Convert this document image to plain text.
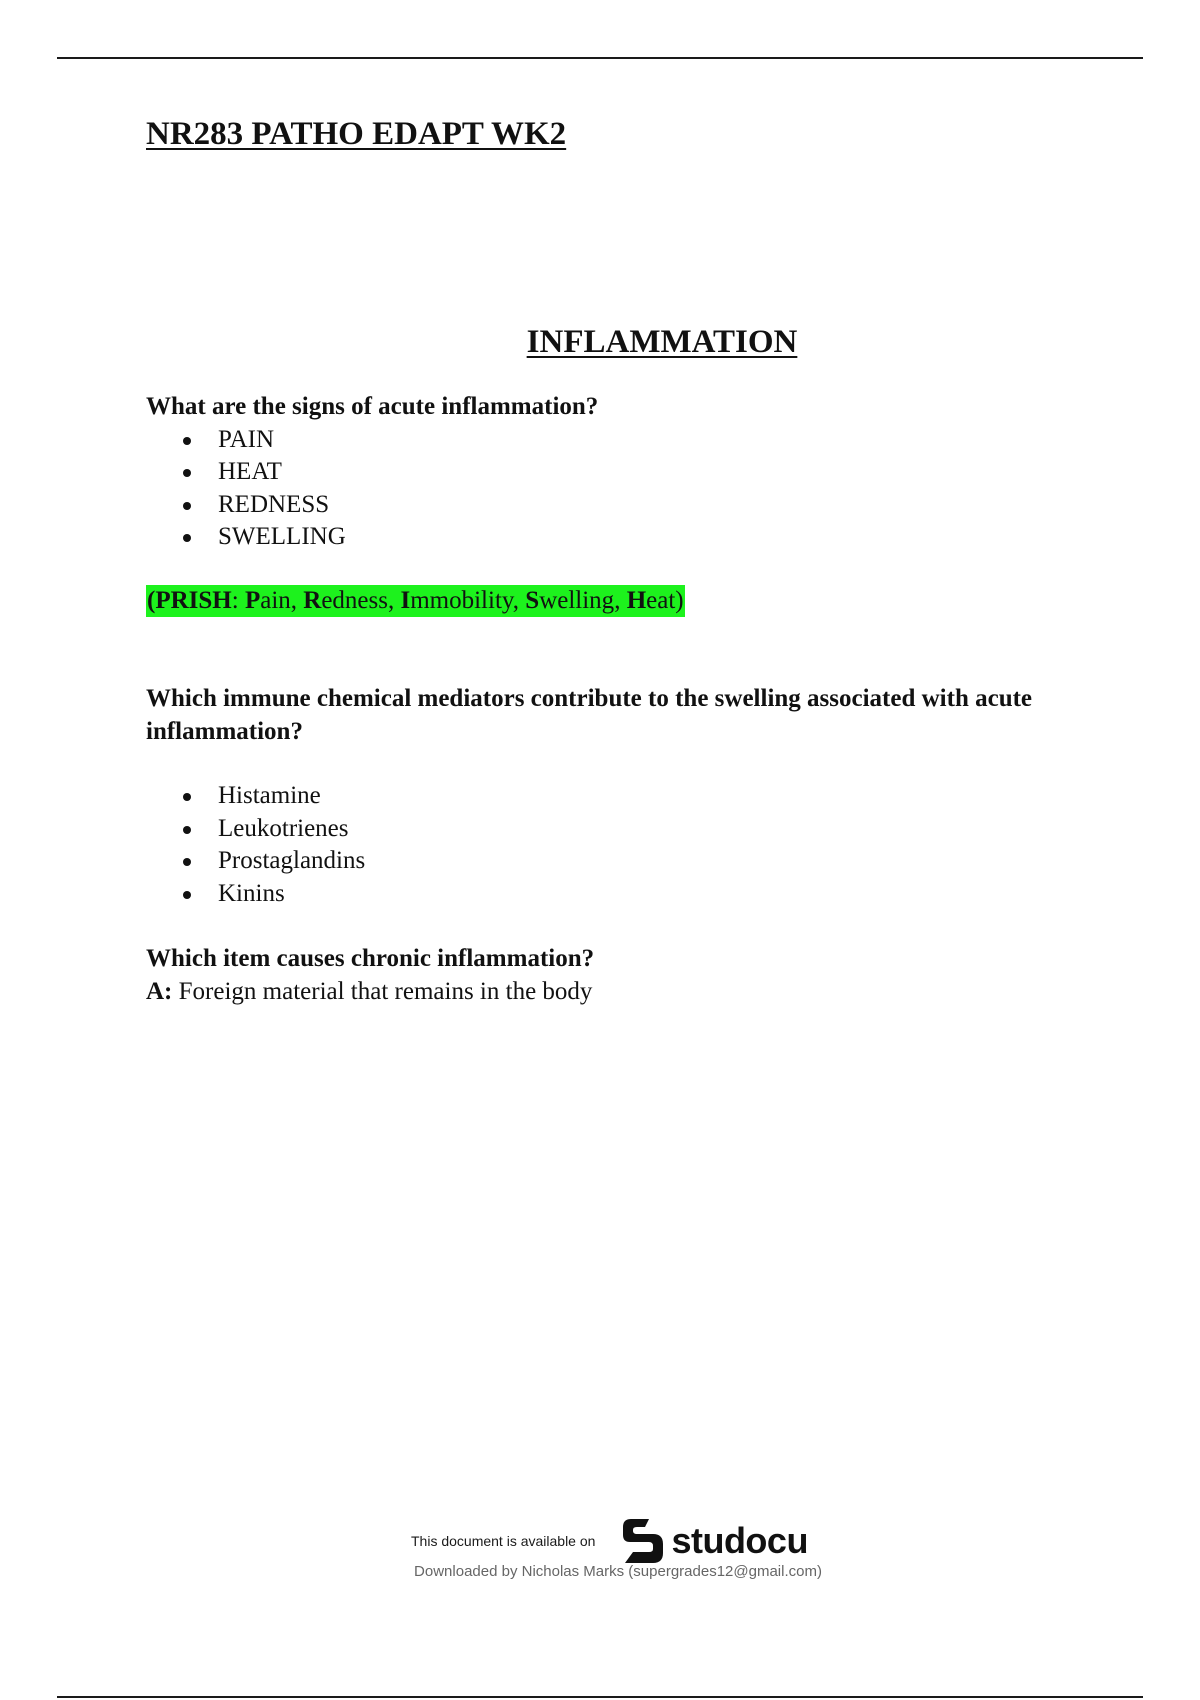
NR283 PATHO EDAPT WK2
INFLAMMATION

What are the signs of acute inflammation?

PAIN
HEAT
REDNESS
SWELLING
(PRISH: Pain, Redness, Immobility, Swelling, Heat)

Which immune chemical mediators contribute to the swelling associated with acute inflammation?

Histamine
Leukotrienes
Prostaglandins
Kinins

Which item causes chronic inflammation?

A: Foreign material that remains in the body

This document is available on studocu
Downloaded by Nicholas Marks (supergrades12@gmail.com)
